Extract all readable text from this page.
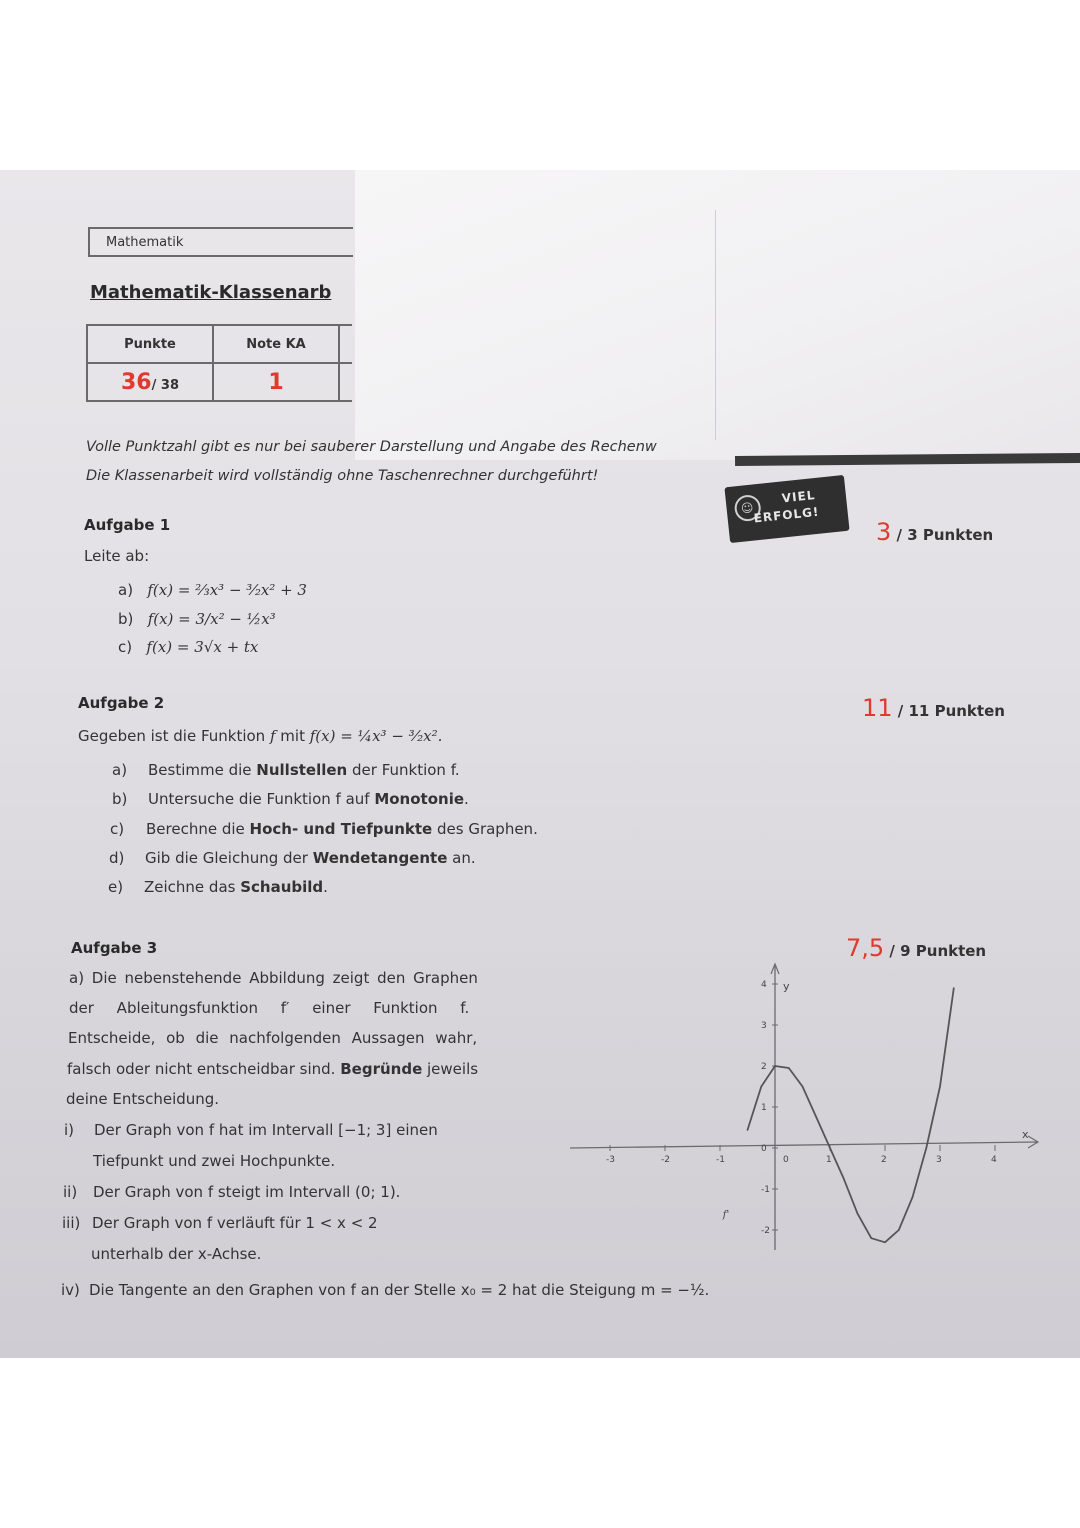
Mathematik
Mathematik-Klassenarb
Punkte	Note KA	
36/ 38	1	
Volle Punktzahl gibt es nur bei sauberer Darstellung und Angabe des Rechenw
Die Klassenarbeit wird vollständig ohne Taschenrechner durchgeführt!
☺
VIEL
ERFOLG!
Aufgabe 1	3 / 3 Punkten
Leite ab:
a) f(x) = ⅔x³ − ³⁄₂x² + 3
b) f(x) = 3/x² − ½x³
c) f(x) = 3√x + tx
Aufgabe 2	11 / 11 Punkten
Gegeben ist die Funktion f mit f(x) = ¼x³ − ³⁄₂x².
a) Bestimme die Nullstellen der Funktion f.
b) Untersuche die Funktion f auf Monotonie.
c) Berechne die Hoch- und Tiefpunkte des Graphen.
d) Gib die Gleichung der Wendetangente an.
e) Zeichne das Schaubild.
Aufgabe 3	7,5 / 9 Punkten
a) Die nebenstehende Abbildung zeigt den Graphen
der Ableitungsfunktion f′ einer Funktion f.
Entscheide, ob die nachfolgenden Aussagen wahr,
falsch oder nicht entscheidbar sind. Begründe jeweils
deine Entscheidung.
i) Der Graph von f hat im Intervall [−1; 3] einen
Tiefpunkt und zwei Hochpunkte.
ii) Der Graph von f steigt im Intervall (0; 1).
iii) Der Graph von f verläuft für 1 < x < 2
unterhalb der x-Achse.
iv) Die Tangente an den Graphen von f an der Stelle x₀ = 2 hat die Steigung m = −½.
x
y
-3	-2	-1	0	1	2	3	4
-2
-1
0
1
2
3
4
f'
